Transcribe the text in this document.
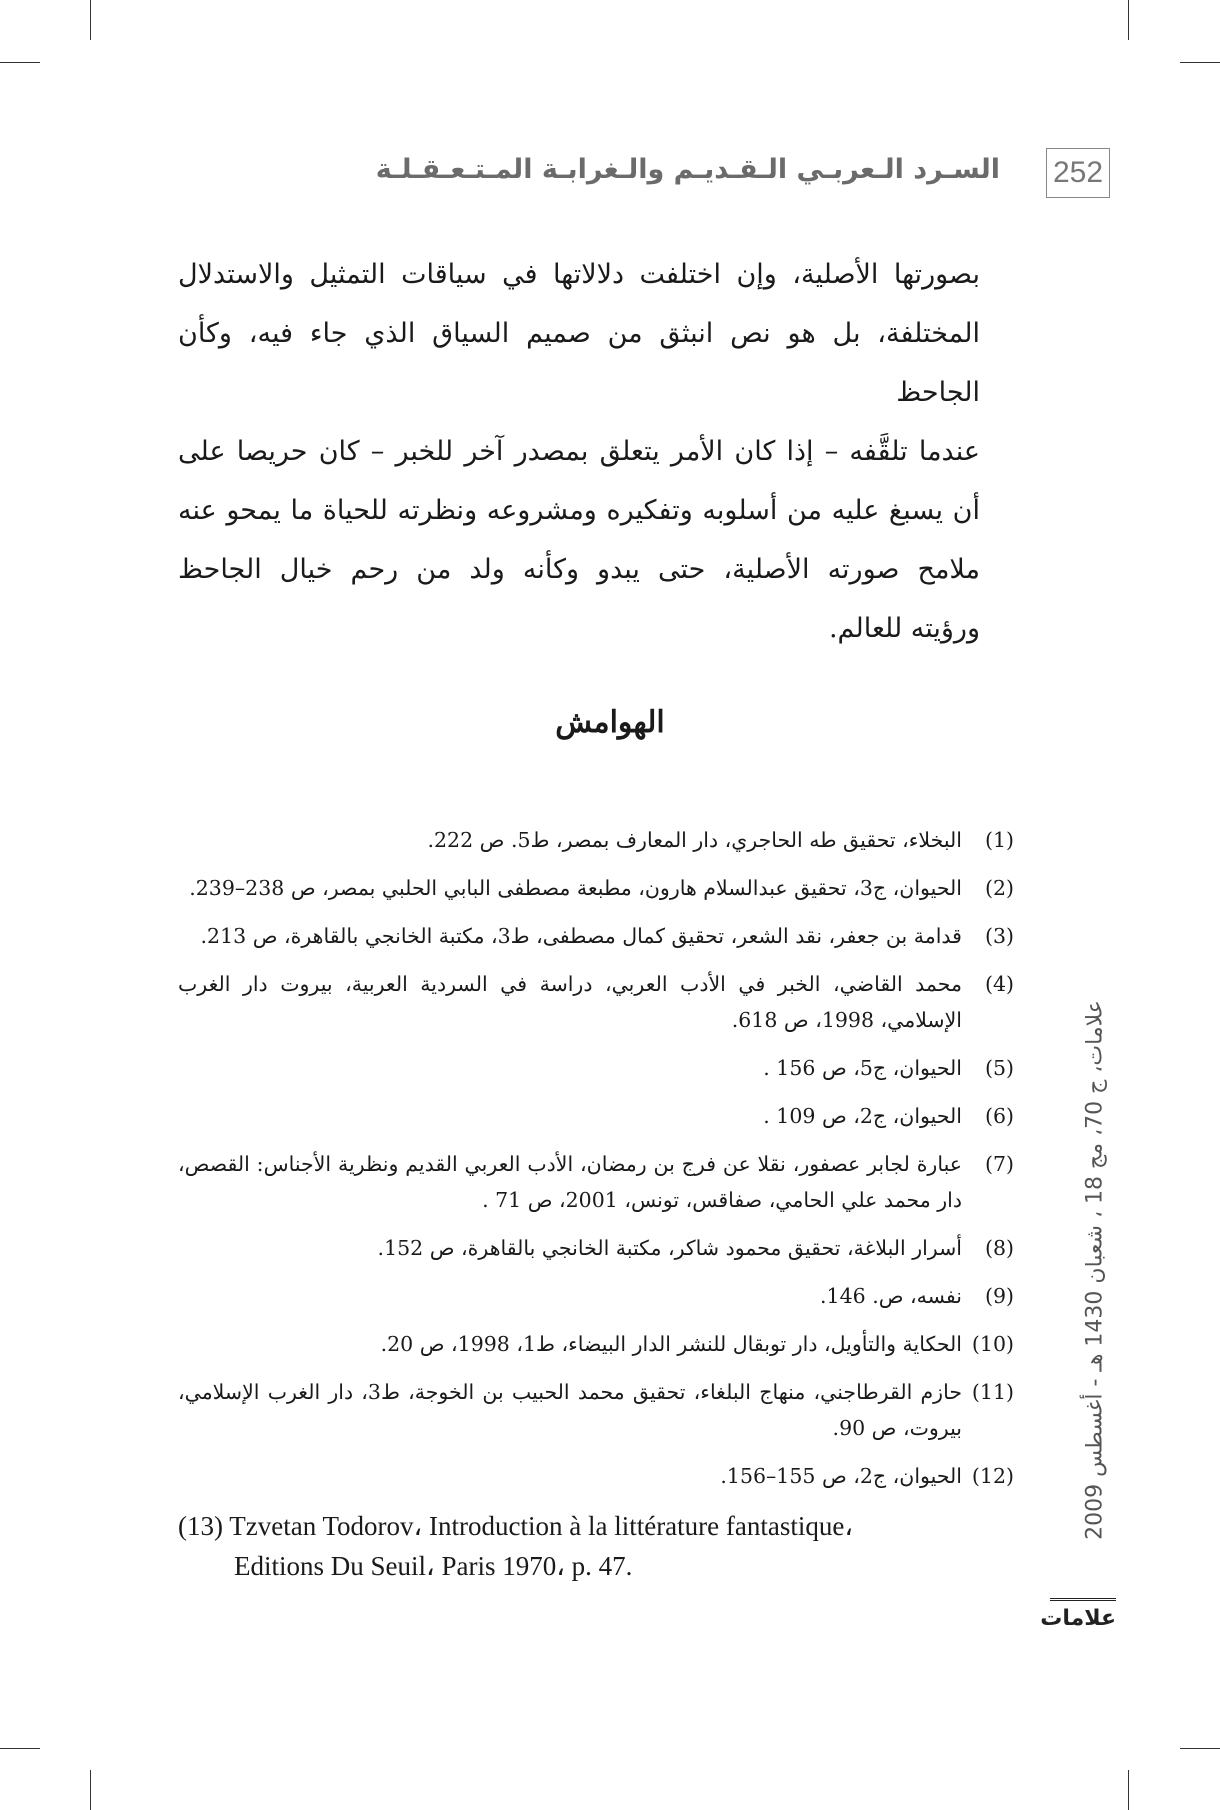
السـرد الـعربـي الـقـديـم والـغرابـة المـتـعـقـلـة 252

بصورتها الأصلية، وإن اختلفت دلالاتها في سياقات التمثيل والاستدلال
المختلفة، بل هو نص انبثق من صميم السياق الذي جاء فيه، وكأن الجاحظ
عندما تلقَّفه – إذا كان الأمر يتعلق بمصدر آخر للخبر – كان حريصا على
أن يسبغ عليه من أسلوبه وتفكيره ومشروعه ونظرته للحياة ما يمحو عنه
ملامح صورته الأصلية، حتى يبدو وكأنه ولد من رحم خيال الجاحظ
ورؤيته للعالم.

الهوامش
(1)
البخلاء، تحقيق طه الحاجري، دار المعارف بمصر، ط5. ص 222.
(2)
الحيوان، ج3، تحقيق عبدالسلام هارون، مطبعة مصطفى البابي الحلبي بمصر، ص 238–239.
(3)
قدامة بن جعفر، نقد الشعر، تحقيق كمال مصطفى، ط3، مكتبة الخانجي بالقاهرة، ص 213.
(4)
محمد القاضي، الخبر في الأدب العربي، دراسة في السردية العربية، بيروت دار الغرب الإسلامي، 1998، ص 618.
(5)
الحيوان، ج5، ص 156 .
(6)
الحيوان، ج2، ص 109 .
(7)
عبارة لجابر عصفور، نقلا عن فرج بن رمضان، الأدب العربي القديم ونظرية الأجناس: القصص، دار محمد علي الحامي، صفاقس، تونس، 2001، ص 71 .
(8)
أسرار البلاغة، تحقيق محمود شاكر، مكتبة الخانجي بالقاهرة، ص 152.
(9)
نفسه، ص. 146.
(10)
الحكاية والتأويل، دار توبقال للنشر الدار البيضاء، ط1، 1998، ص 20.
(11)
حازم القرطاجني، منهاج البلغاء، تحقيق محمد الحبيب بن الخوجة، ط3، دار الغرب الإسلامي، بيروت، ص 90.
(12)
الحيوان، ج2، ص 155–156.
(13) Tzvetan Todorov، Introduction à la littérature fantastique،
Editions Du Seuil، Paris 1970، p. 47.
علامات، ج 70، مج 18 ، شعبان 1430 هـ - أغسطس 2009
علامات
